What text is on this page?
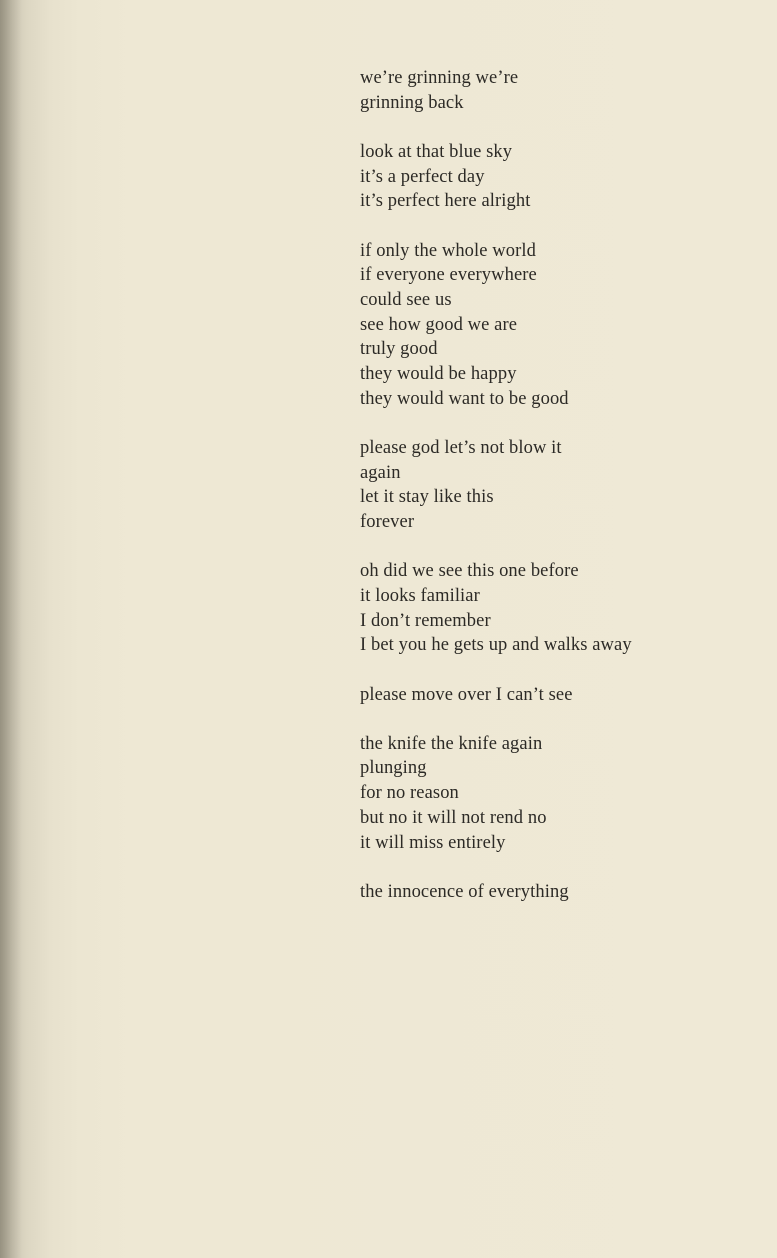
we’re grinning we’re
grinning back
look at that blue sky
it’s a perfect day
it’s perfect here alright
if only the whole world
if everyone everywhere
could see us
see how good we are
truly good
they would be happy
they would want to be good
please god let’s not blow it
again
let it stay like this
forever
oh did we see this one before
it looks familiar
I don’t remember
I bet you he gets up and walks away
please move over I can’t see
the knife the knife again
plunging
for no reason
but no it will not rend no
it will miss entirely
the innocence of everything
